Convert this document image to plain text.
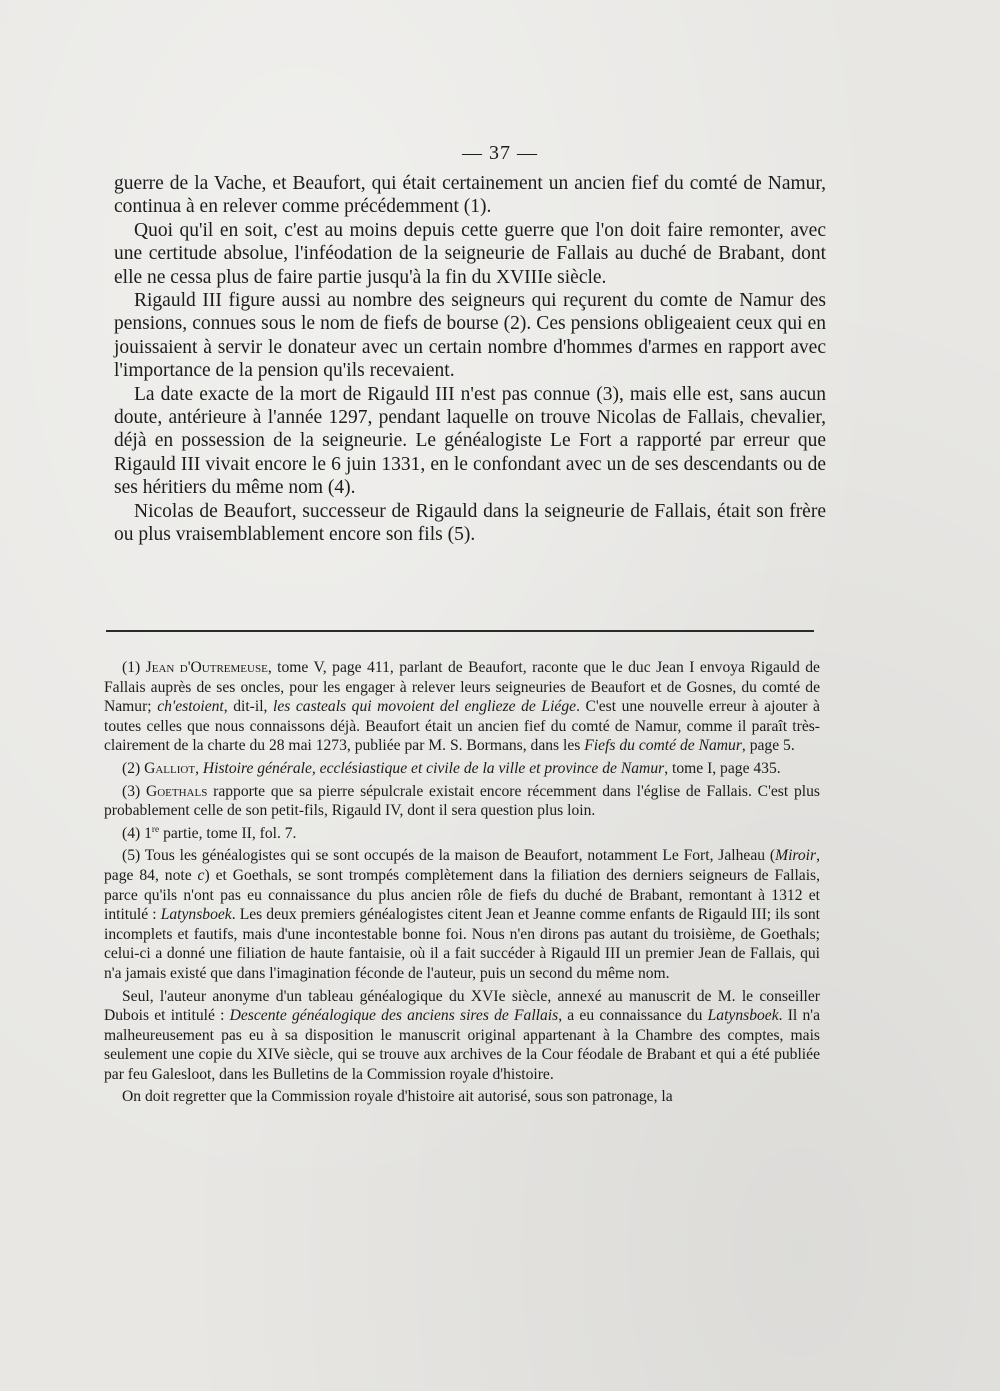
— 37 —

guerre de la Vache, et Beaufort, qui était certainement un ancien fief du comté de Namur, continua à en relever comme précédemment (1).

Quoi qu'il en soit, c'est au moins depuis cette guerre que l'on doit faire remonter, avec une certitude absolue, l'inféodation de la seigneurie de Fallais au duché de Brabant, dont elle ne cessa plus de faire partie jusqu'à la fin du XVIIIe siècle.

Rigauld III figure aussi au nombre des seigneurs qui reçurent du comte de Namur des pensions, connues sous le nom de fiefs de bourse (2). Ces pensions obligeaient ceux qui en jouissaient à servir le donateur avec un certain nombre d'hommes d'armes en rapport avec l'importance de la pension qu'ils recevaient.

La date exacte de la mort de Rigauld III n'est pas connue (3), mais elle est, sans aucun doute, antérieure à l'année 1297, pendant laquelle on trouve Nicolas de Fallais, chevalier, déjà en possession de la seigneurie. Le généalogiste Le Fort a rapporté par erreur que Rigauld III vivait encore le 6 juin 1331, en le confondant avec un de ses descendants ou de ses héritiers du même nom (4).

Nicolas de Beaufort, successeur de Rigauld dans la seigneurie de Fallais, était son frère ou plus vraisemblablement encore son fils (5).

(1) Jean d'Outremeuse, tome V, page 411, parlant de Beaufort, raconte que le duc Jean I envoya Rigauld de Fallais auprès de ses oncles, pour les engager à relever leurs seigneuries de Beaufort et de Gosnes, du comté de Namur; ch'estoient, dit-il, les casteals qui movoient del englieze de Liége. C'est une nouvelle erreur à ajouter à toutes celles que nous connaissons déjà. Beaufort était un ancien fief du comté de Namur, comme il paraît très-clairement de la charte du 28 mai 1273, publiée par M. S. Bormans, dans les Fiefs du comté de Namur, page 5.

(2) Galliot, Histoire générale, ecclésiastique et civile de la ville et province de Namur, tome I, page 435.

(3) Goethals rapporte que sa pierre sépulcrale existait encore récemment dans l'église de Fallais. C'est plus probablement celle de son petit-fils, Rigauld IV, dont il sera question plus loin.

(4) 1re partie, tome II, fol. 7.

(5) Tous les généalogistes qui se sont occupés de la maison de Beaufort, notamment Le Fort, Jalheau (Miroir, page 84, note c) et Goethals, se sont trompés complètement dans la filiation des derniers seigneurs de Fallais, parce qu'ils n'ont pas eu connaissance du plus ancien rôle de fiefs du duché de Brabant, remontant à 1312 et intitulé : Latynsboek. Les deux premiers généalogistes citent Jean et Jeanne comme enfants de Rigauld III; ils sont incomplets et fautifs, mais d'une incontestable bonne foi. Nous n'en dirons pas autant du troisième, de Goethals; celui-ci a donné une filiation de haute fantaisie, où il a fait succéder à Rigauld III un premier Jean de Fallais, qui n'a jamais existé que dans l'imagination féconde de l'auteur, puis un second du même nom.

Seul, l'auteur anonyme d'un tableau généalogique du XVIe siècle, annexé au manuscrit de M. le conseiller Dubois et intitulé : Descente généalogique des anciens sires de Fallais, a eu connaissance du Latynsboek. Il n'a malheureusement pas eu à sa disposition le manuscrit original appartenant à la Chambre des comptes, mais seulement une copie du XIVe siècle, qui se trouve aux archives de la Cour féodale de Brabant et qui a été publiée par feu Galesloot, dans les Bulletins de la Commission royale d'histoire.

On doit regretter que la Commission royale d'histoire ait autorisé, sous son patronage, la
